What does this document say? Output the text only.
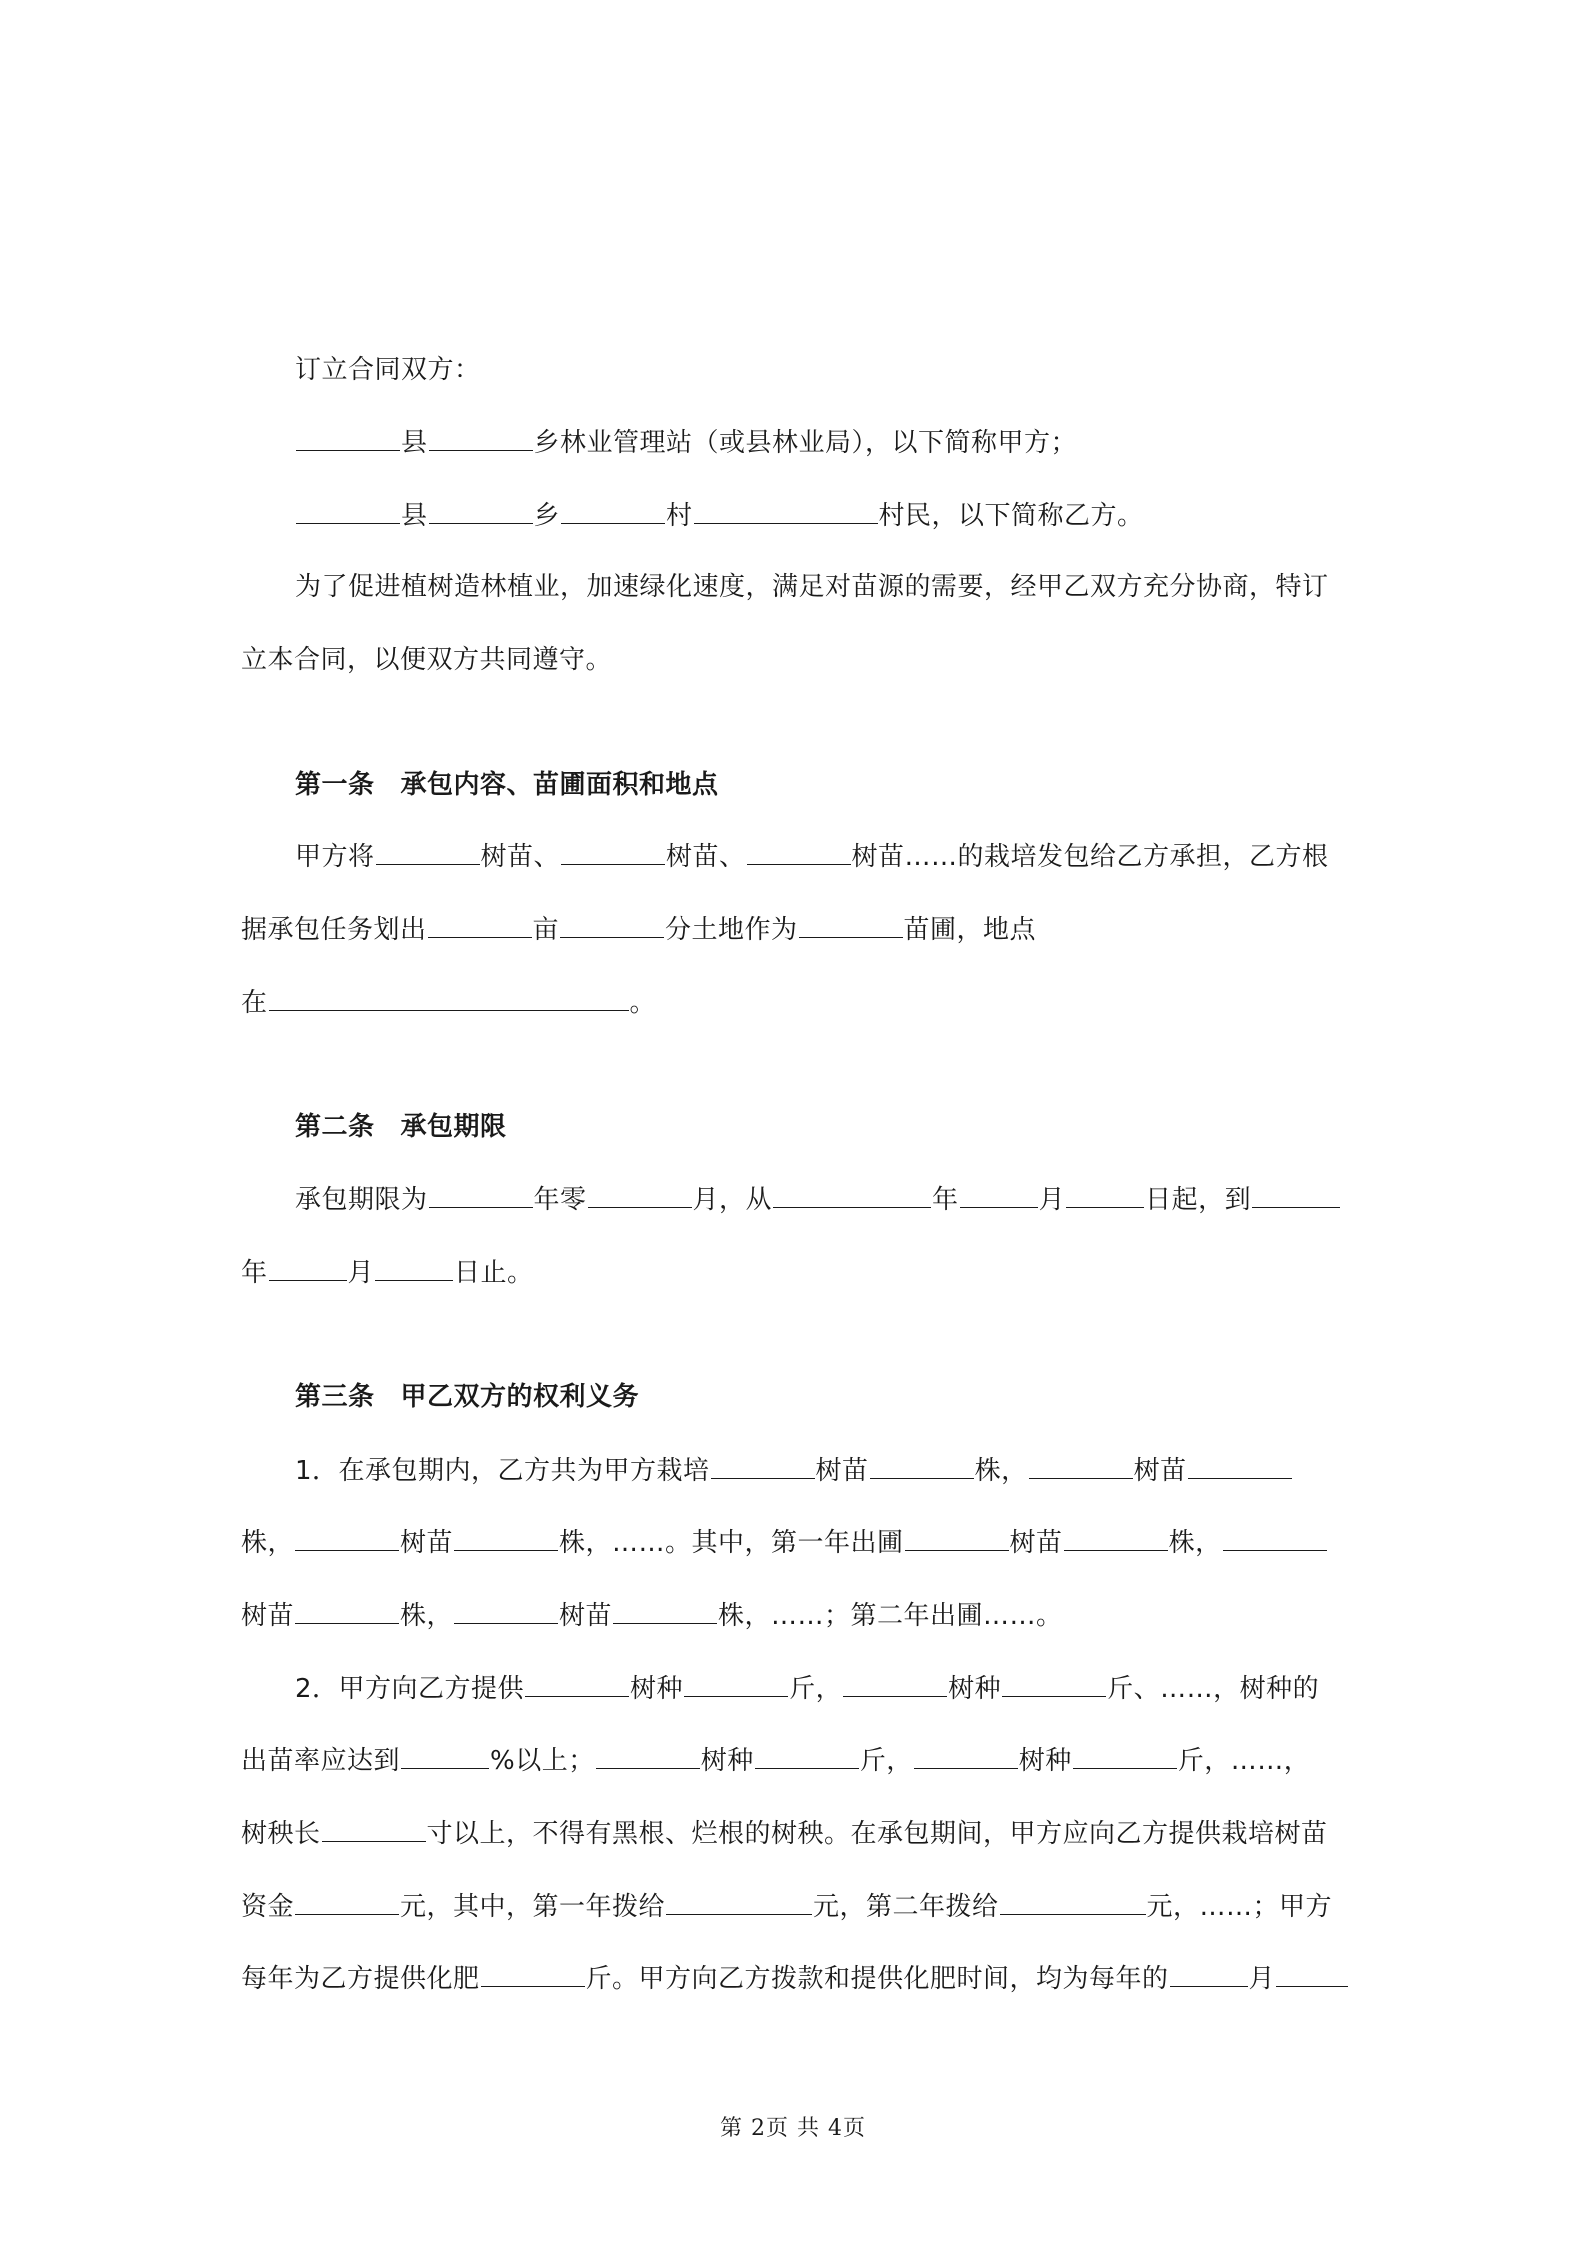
订立合同双方：
县	乡林业管理站（或县林业局），以下简称甲方；
县	乡	村	村民，以下简称乙方。
为了促进植树造林植业，加速绿化速度，满足对苗源的需要，经甲乙双方充分协商，特订
立本合同，以便双方共同遵守。
第一条 承包内容、苗圃面积和地点
甲方将	树苗、	树苗、	树苗……的栽培发包给乙方承担，乙方根
据承包任务划出	亩	分土地作为	苗圃，地点
在	。
第二条 承包期限
承包期限为	年零	月，从	年	月	日起，到
年	月	日止。
第三条 甲乙双方的权利义务
1．在承包期内，乙方共为甲方栽培	树苗	株，	树苗
株，	树苗	株，……。其中，第一年出圃	树苗	株，
树苗	株，	树苗	株，……；第二年出圃……。
2．甲方向乙方提供	树种	斤，	树种	斤、……，树种的
出苗率应达到	%以上；	树种	斤，	树种	斤，……，
树秧长	寸以上，不得有黑根、烂根的树秧。在承包期间，甲方应向乙方提供栽培树苗
资金	元，其中，第一年拨给	元，第二年拨给	元，……；甲方
每年为乙方提供化肥	斤。甲方向乙方拨款和提供化肥时间，均为每年的	月
第 2页 共 4页
